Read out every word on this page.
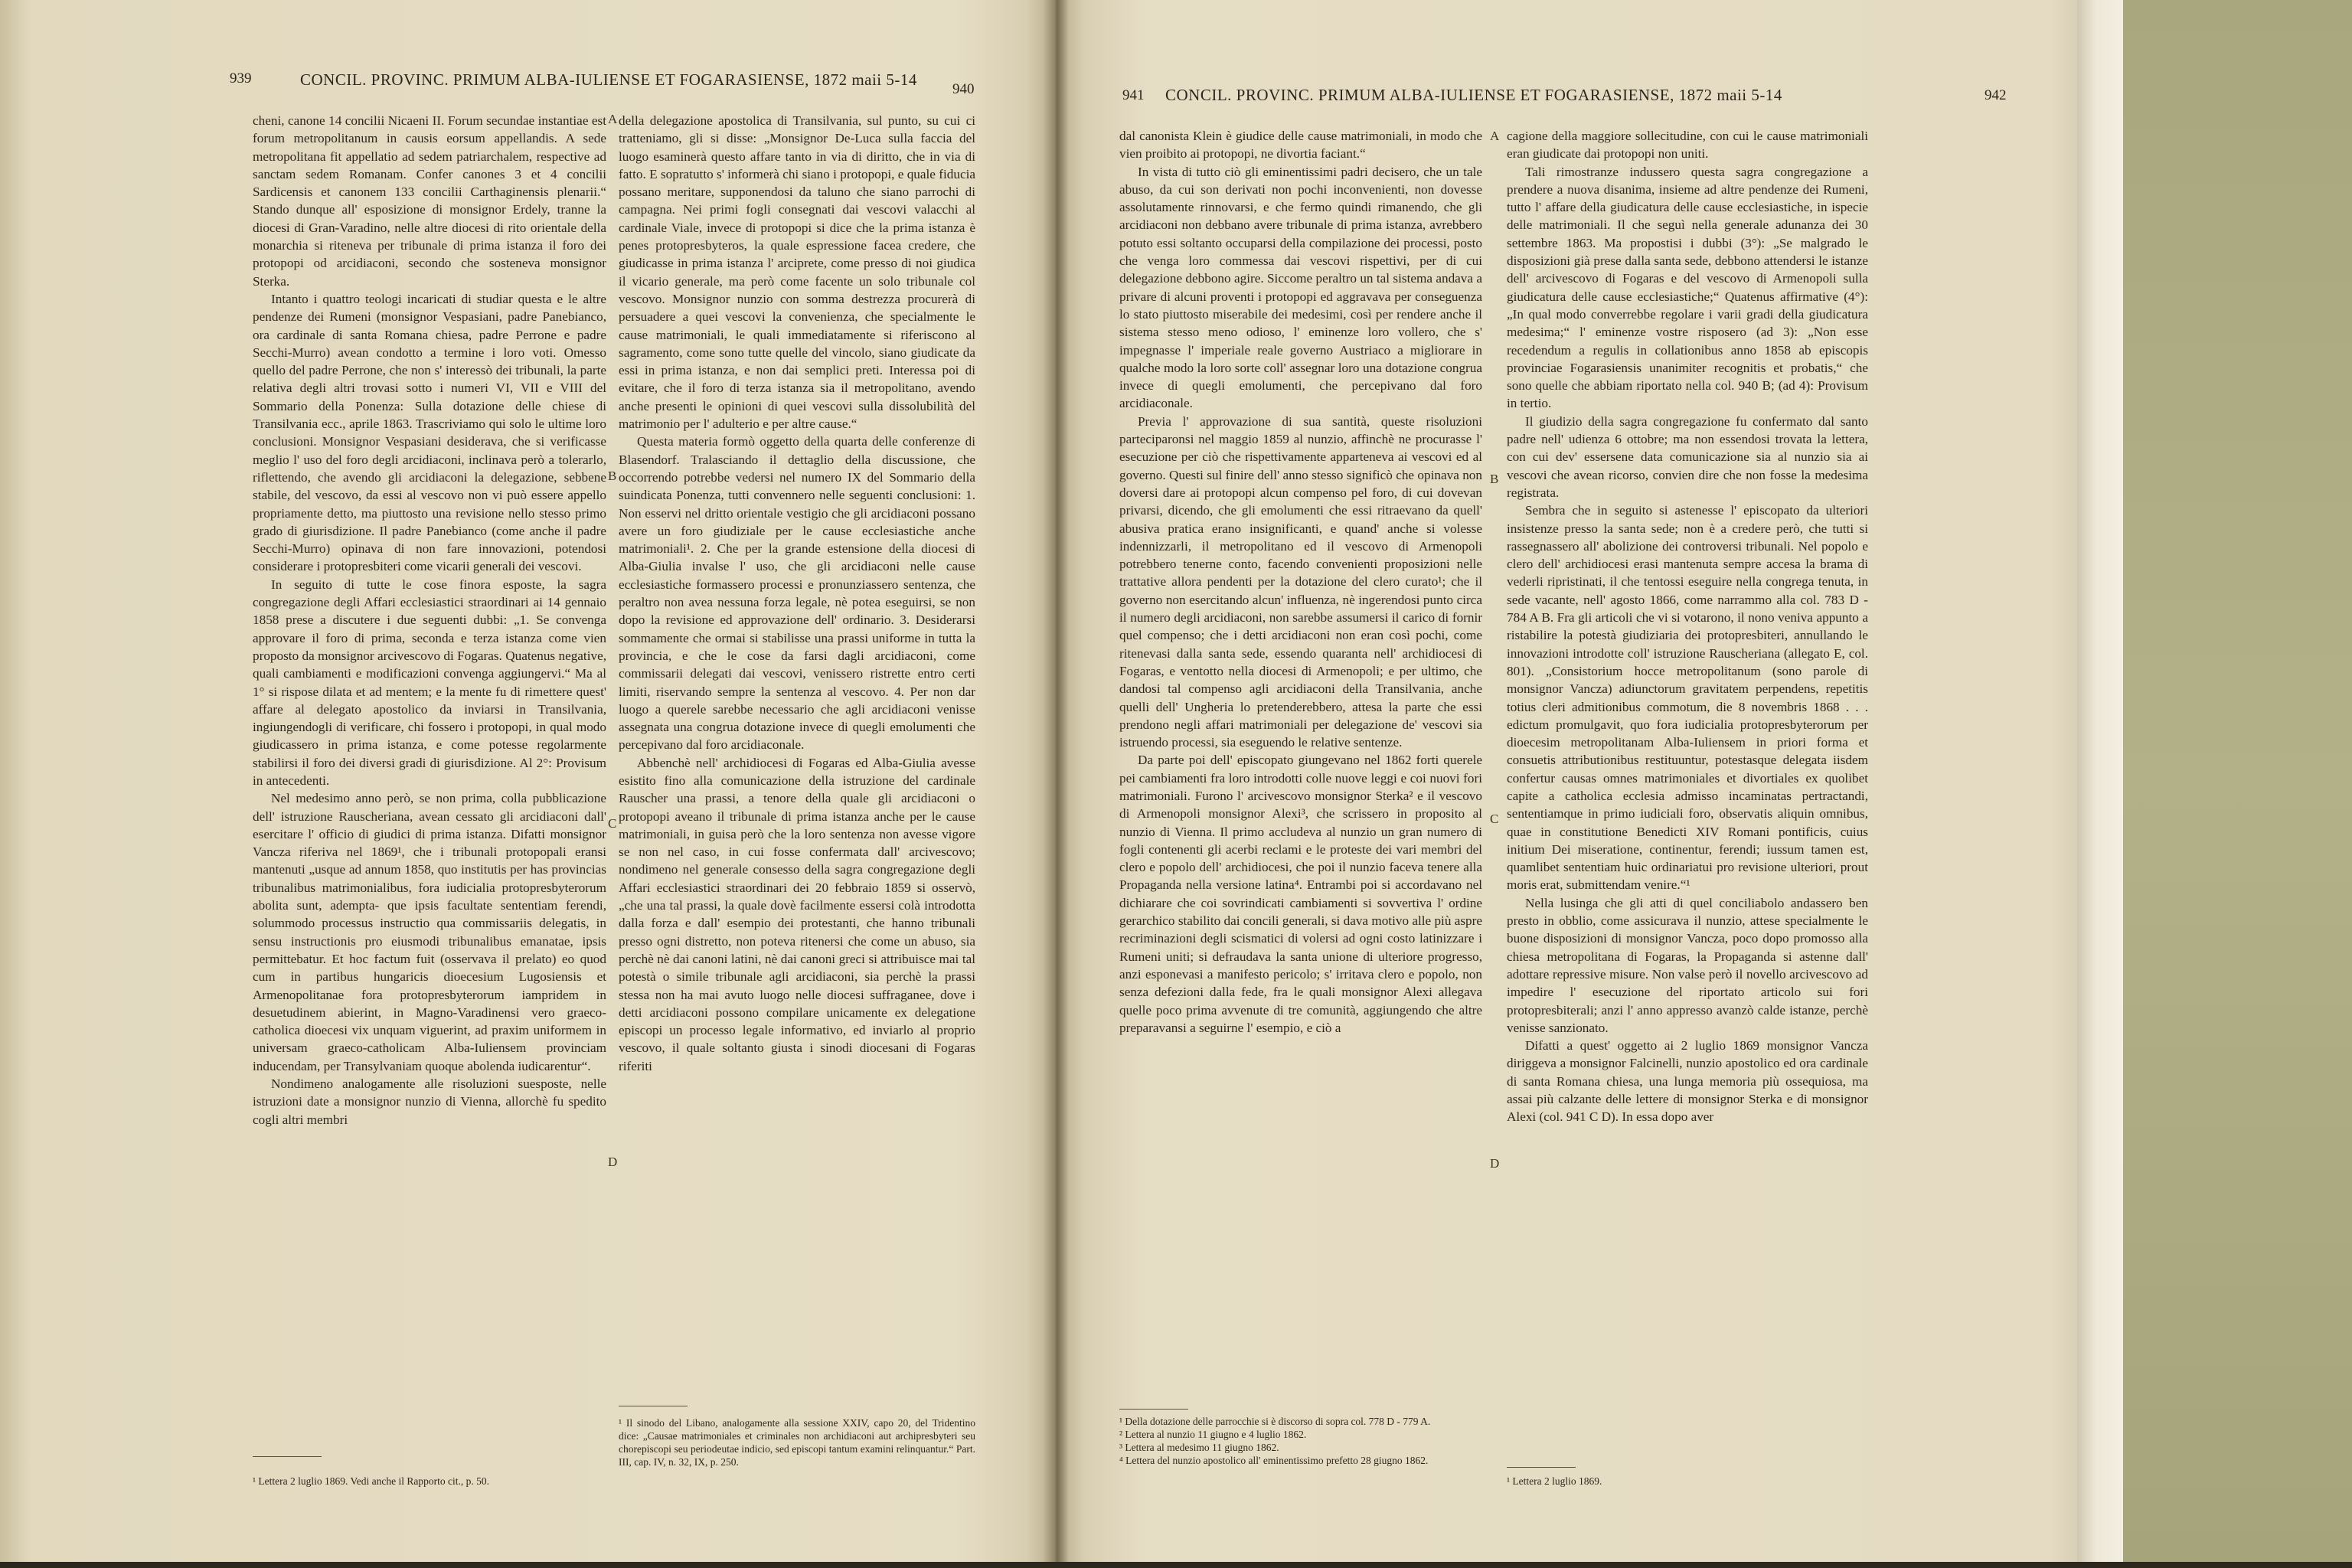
939	CONCIL. PROVINC. PRIMUM ALBA-IULIENSE ET FOGARASIENSE, 1872 maii 5-14
940

cheni, canone 14 concilii Nicaeni II. Forum secundae instantiae est forum metropolitanum in causis eorsum appellandis. A sede metropolitana fit appellatio ad sedem patriarchalem, respective ad sanctam sedem Romanam. Confer canones 3 et 4 concilii Sardicensis et canonem 133 concilii Carthaginensis plenarii.“ Stando dunque all' esposizione di monsignor Erdely, tranne la diocesi di Gran-Varadino, nelle altre diocesi di rito orientale della monarchia si riteneva per tribunale di prima istanza il foro dei protopopi od arcidiaconi, secondo che sosteneva monsignor Sterka.

Intanto i quattro teologi incaricati di studiar questa e le altre pendenze dei Rumeni (monsignor Vespasiani, padre Panebianco, ora cardinale di santa Romana chiesa, padre Perrone e padre Secchi-Murro) avean condotto a termine i loro voti. Omesso quello del padre Perrone, che non s' interessò dei tribunali, la parte relativa degli altri trovasi sotto i numeri VI, VII e VIII del Sommario della Ponenza: Sulla dotazione delle chiese di Transilvania ecc., aprile 1863. Trascriviamo qui solo le ultime loro conclusioni. Monsignor Vespasiani desiderava, che si verificasse meglio l' uso del foro degli arcidiaconi, inclinava però a tolerarlo, riflettendo, che avendo gli arcidiaconi la delegazione, sebbene stabile, del vescovo, da essi al vescovo non vi può essere appello propriamente detto, ma piuttosto una revisione nello stesso primo grado di giurisdizione. Il padre Panebianco (come anche il padre Secchi-Murro) opinava di non fare innovazioni, potendosi considerare i protopresbiteri come vicarii generali dei vescovi.

In seguito di tutte le cose finora esposte, la sagra congregazione degli Affari ecclesiastici straordinari ai 14 gennaio 1858 prese a discutere i due seguenti dubbi: „1. Se convenga approvare il foro di prima, seconda e terza istanza come vien proposto da monsignor arcivescovo di Fogaras. Quatenus negative, quali cambiamenti e modificazioni convenga aggiungervi.“ Ma al 1° si rispose dilata et ad mentem; e la mente fu di rimettere quest' affare al delegato apostolico da inviarsi in Transilvania, ingiungendogli di verificare, chi fossero i protopopi, in qual modo giudicassero in prima istanza, e come potesse regolarmente stabilirsi il foro dei diversi gradi di giurisdizione. Al 2°: Provisum in antecedenti.

Nel medesimo anno però, se non prima, colla pubblicazione dell' istruzione Rauscheriana, avean cessato gli arcidiaconi dall' esercitare l' officio di giudici di prima istanza. Difatti monsignor Vancza riferiva nel 1869¹, che i tribunali protopopali eransi mantenuti „usque ad annum 1858, quo institutis per has provincias tribunalibus matrimonialibus, fora iudicialia protopresbyterorum abolita sunt, adempta- que ipsis facultate sententiam ferendi, solummodo processus instructio qua commissariis delegatis, in sensu instructionis pro eiusmodi tribunalibus emanatae, ipsis permittebatur. Et hoc factum fuit (osservava il prelato) eo quod cum in partibus hungaricis dioecesium Lugosiensis et Armenopolitanae fora protopresbyterorum iampridem in desuetudinem abierint, in Magno-Varadinensi vero graeco-catholica dioecesi vix unquam viguerint, ad praxim uniformem in universam graeco-catholicam Alba-Iuliensem provinciam inducendam, per Transylvaniam quoque abolenda iudicarentur“.

Nondimeno analogamente alle risoluzioni suesposte, nelle istruzioni date a monsignor nunzio di Vienna, allorchè fu spedito cogli altri membri

della delegazione apostolica di Transilvania, sul punto, su cui ci tratteniamo, gli si disse: „Monsignor De-Luca sulla faccia del luogo esaminerà questo affare tanto in via di diritto, che in via di fatto. E sopratutto s' informerà chi siano i protopopi, e quale fiducia possano meritare, supponendosi da taluno che siano parrochi di campagna. Nei primi fogli consegnati dai vescovi valacchi al cardinale Viale, invece di protopopi si dice che la prima istanza è penes protopresbyteros, la quale espressione facea credere, che giudicasse in prima istanza l' arciprete, come presso di noi giudica il vicario generale, ma però come facente un solo tribunale col vescovo. Monsignor nunzio con somma destrezza procurerà di persuadere a quei vescovi la convenienza, che specialmente le cause matrimoniali, le quali immediatamente si riferiscono al sagramento, come sono tutte quelle del vincolo, siano giudicate da essi in prima istanza, e non dai semplici preti. Interessa poi di evitare, che il foro di terza istanza sia il metropolitano, avendo anche presenti le opinioni di quei vescovi sulla dissolubilità del matrimonio per l' adulterio e per altre cause.“

Questa materia formò oggetto della quarta delle conferenze di Blasendorf. Tralasciando il dettaglio della discussione, che occorrendo potrebbe vedersi nel numero IX del Sommario della suindicata Ponenza, tutti convennero nelle seguenti conclusioni: 1. Non esservi nel dritto orientale vestigio che gli arcidiaconi possano avere un foro giudiziale per le cause ecclesiastiche anche matrimoniali¹. 2. Che per la grande estensione della diocesi di Alba-Giulia invalse l' uso, che gli arcidiaconi nelle cause ecclesiastiche formassero processi e pronunziassero sentenza, che peraltro non avea nessuna forza legale, nè potea eseguirsi, se non dopo la revisione ed approvazione dell' ordinario. 3. Desiderarsi sommamente che ormai si stabilisse una prassi uniforme in tutta la provincia, e che le cose da farsi dagli arcidiaconi, come commissarii delegati dai vescovi, venissero ristrette entro certi limiti, riservando sempre la sentenza al vescovo. 4. Per non dar luogo a querele sarebbe necessario che agli arcidiaconi venisse assegnata una congrua dotazione invece di quegli emolumenti che percepivano dal foro arcidiaconale.

Abbenchè nell' archidiocesi di Fogaras ed Alba-Giulia avesse esistito fino alla comunicazione della istruzione del cardinale Rauscher una prassi, a tenore della quale gli arcidiaconi o protopopi aveano il tribunale di prima istanza anche per le cause matrimoniali, in guisa però che la loro sentenza non avesse vigore se non nel caso, in cui fosse confermata dall' arcivescovo; nondimeno nel generale consesso della sagra congregazione degli Affari ecclesiastici straordinari dei 20 febbraio 1859 si osservò, „che una tal prassi, la quale dovè facilmente essersi colà introdotta dalla forza e dall' esempio dei protestanti, che hanno tribunali presso ogni distretto, non poteva ritenersi che come un abuso, sia perchè nè dai canoni latini, nè dai canoni greci si attribuisce mai tal potestà o simile tribunale agli arcidiaconi, sia perchè la prassi stessa non ha mai avuto luogo nelle diocesi suffraganee, dove i detti arcidiaconi possono compilare unicamente ex delegatione episcopi un processo legale informativo, ed inviarlo al proprio vescovo, il quale soltanto giusta i sinodi diocesani di Fogaras riferiti

A
B
C
D

¹ Lettera 2 luglio 1869. Vedi anche il Rapporto cit., p. 50.

¹ Il sinodo del Libano, analogamente alla sessione XXIV, capo 20, del Tridentino dice: „Causae matrimoniales et criminales non archidiaconi aut archipresbyteri seu chorepiscopi seu periodeutae indicio, sed episcopi tantum examini relinquantur.“ Part. III, cap. IV, n. 32, IX, p. 250.

941 CONCIL. PROVINC. PRIMUM ALBA-IULIENSE ET FOGARASIENSE, 1872 maii 5-14	942

dal canonista Klein è giudice delle cause matrimoniali, in modo che vien proibito ai protopopi, ne divortia faciant.“

In vista di tutto ciò gli eminentissimi padri decisero, che un tale abuso, da cui son derivati non pochi inconvenienti, non dovesse assolutamente rinnovarsi, e che fermo quindi rimanendo, che gli arcidiaconi non debbano avere tribunale di prima istanza, avrebbero potuto essi soltanto occuparsi della compilazione dei processi, posto che venga loro commessa dai vescovi rispettivi, per di cui delegazione debbono agire. Siccome peraltro un tal sistema andava a privare di alcuni proventi i protopopi ed aggravava per conseguenza lo stato piuttosto miserabile dei medesimi, così per rendere anche il sistema stesso meno odioso, l' eminenze loro vollero, che s' impegnasse l' imperiale reale governo Austriaco a migliorare in qualche modo la loro sorte coll' assegnar loro una dotazione congrua invece di quegli emolumenti, che percepivano dal foro arcidiaconale.

Previa l' approvazione di sua santità, queste risoluzioni parteciparonsi nel maggio 1859 al nunzio, affinchè ne procurasse l' esecuzione per ciò che rispettivamente apparteneva ai vescovi ed al governo. Questi sul finire dell' anno stesso significò che opinava non doversi dare ai protopopi alcun compenso pel foro, di cui dovevan privarsi, dicendo, che gli emolumenti che essi ritraevano da quell' abusiva pratica erano insignificanti, e quand' anche si volesse indennizzarli, il metropolitano ed il vescovo di Armenopoli potrebbero tenerne conto, facendo convenienti proposizioni nelle trattative allora pendenti per la dotazione del clero curato¹; che il governo non esercitando alcun' influenza, nè ingerendosi punto circa il numero degli arcidiaconi, non sarebbe assumersi il carico di fornir quel compenso; che i detti arcidiaconi non eran così pochi, come ritenevasi dalla santa sede, essendo quaranta nell' archidiocesi di Fogaras, e ventotto nella diocesi di Armenopoli; e per ultimo, che dandosi tal compenso agli arcidiaconi della Transilvania, anche quelli dell' Ungheria lo pretenderebbero, attesa la parte che essi prendono negli affari matrimoniali per delegazione de' vescovi sia istruendo processi, sia eseguendo le relative sentenze.

Da parte poi dell' episcopato giungevano nel 1862 forti querele pei cambiamenti fra loro introdotti colle nuove leggi e coi nuovi fori matrimoniali. Furono l' arcivescovo monsignor Sterka² e il vescovo di Armenopoli monsignor Alexi³, che scrissero in proposito al nunzio di Vienna. Il primo accludeva al nunzio un gran numero di fogli contenenti gli acerbi reclami e le proteste dei vari membri del clero e popolo dell' archidiocesi, che poi il nunzio faceva tenere alla Propaganda nella versione latina⁴. Entrambi poi si accordavano nel dichiarare che coi sovrindicati cambiamenti si sovvertiva l' ordine gerarchico stabilito dai concili generali, si dava motivo alle più aspre recriminazioni degli scismatici di volersi ad ogni costo latinizzare i Rumeni uniti; si defraudava la santa unione di ulteriore progresso, anzi esponevasi a manifesto pericolo; s' irritava clero e popolo, non senza defezioni dalla fede, fra le quali monsignor Alexi allegava quelle poco prima avvenute di tre comunità, aggiungendo che altre preparavansi a seguirne l' esempio, e ciò a

cagione della maggiore sollecitudine, con cui le cause matrimoniali eran giudicate dai protopopi non uniti.

Tali rimostranze indussero questa sagra congregazione a prendere a nuova disanima, insieme ad altre pendenze dei Rumeni, tutto l' affare della giudicatura delle cause ecclesiastiche, in ispecie delle matrimoniali. Il che seguì nella generale adunanza dei 30 settembre 1863. Ma propostisi i dubbi (3°): „Se malgrado le disposizioni già prese dalla santa sede, debbono attendersi le istanze dell' arcivescovo di Fogaras e del vescovo di Armenopoli sulla giudicatura delle cause ecclesiastiche;“ Quatenus affirmative (4°): „In qual modo converrebbe regolare i varii gradi della giudicatura medesima;“ l' eminenze vostre risposero (ad 3): „Non esse recedendum a regulis in collationibus anno 1858 ab episcopis provinciae Fogarasiensis unanimiter recognitis et probatis,“ che sono quelle che abbiam riportato nella col. 940 B; (ad 4): Provisum in tertio.

Il giudizio della sagra congregazione fu confermato dal santo padre nell' udienza 6 ottobre; ma non essendosi trovata la lettera, con cui dev' essersene data comunicazione sia al nunzio sia ai vescovi che avean ricorso, convien dire che non fosse la medesima registrata.

Sembra che in seguito si astenesse l' episcopato da ulteriori insistenze presso la santa sede; non è a credere però, che tutti si rassegnassero all' abolizione dei controversi tribunali. Nel popolo e clero dell' archidiocesi erasi mantenuta sempre accesa la brama di vederli ripristinati, il che tentossi eseguire nella congrega tenuta, in sede vacante, nell' agosto 1866, come narrammo alla col. 783 D - 784 A B. Fra gli articoli che vi si votarono, il nono veniva appunto a ristabilire la potestà giudiziaria dei protopresbiteri, annullando le innovazioni introdotte coll' istruzione Rauscheriana (allegato E, col. 801). „Consistorium hocce metropolitanum (sono parole di monsignor Vancza) adiunctorum gravitatem perpendens, repetitis totius cleri admitionibus commotum, die 8 novembris 1868 . . . edictum promulgavit, quo fora iudicialia protopresbyterorum per dioecesim metropolitanam Alba-Iuliensem in priori forma et consuetis attributionibus restituuntur, potestasque delegata iisdem confertur causas omnes matrimoniales et divortiales ex quolibet capite a catholica ecclesia admisso incaminatas pertractandi, sententiamque in primo iudiciali foro, observatis aliquin omnibus, quae in constitutione Benedicti XIV Romani pontificis, cuius initium Dei miseratione, continentur, ferendi; iussum tamen est, quamlibet sententiam huic ordinariatui pro revisione ulteriori, prout moris erat, submittendam venire.“¹

Nella lusinga che gli atti di quel conciliabolo andassero ben presto in obblio, come assicurava il nunzio, attese specialmente le buone disposizioni di monsignor Vancza, poco dopo promosso alla chiesa metropolitana di Fogaras, la Propaganda si astenne dall' adottare repressive misure. Non valse però il novello arcivescovo ad impedire l' esecuzione del riportato articolo sui fori protopresbiterali; anzi l' anno appresso avanzò calde istanze, perchè venisse sanzionato.

Difatti a quest' oggetto ai 2 luglio 1869 monsignor Vancza diriggeva a monsignor Falcinelli, nunzio apostolico ed ora cardinale di santa Romana chiesa, una lunga memoria più ossequiosa, ma assai più calzante delle lettere di monsignor Sterka e di monsignor Alexi (col. 941 C D). In essa dopo aver

A
B
C
D

¹ Della dotazione delle parrocchie si è discorso di sopra col. 778 D - 779 A.

² Lettera al nunzio 11 giugno e 4 luglio 1862.

³ Lettera al medesimo 11 giugno 1862.

⁴ Lettera del nunzio apostolico all' eminentissimo prefetto 28 giugno 1862.

¹ Lettera 2 luglio 1869.
